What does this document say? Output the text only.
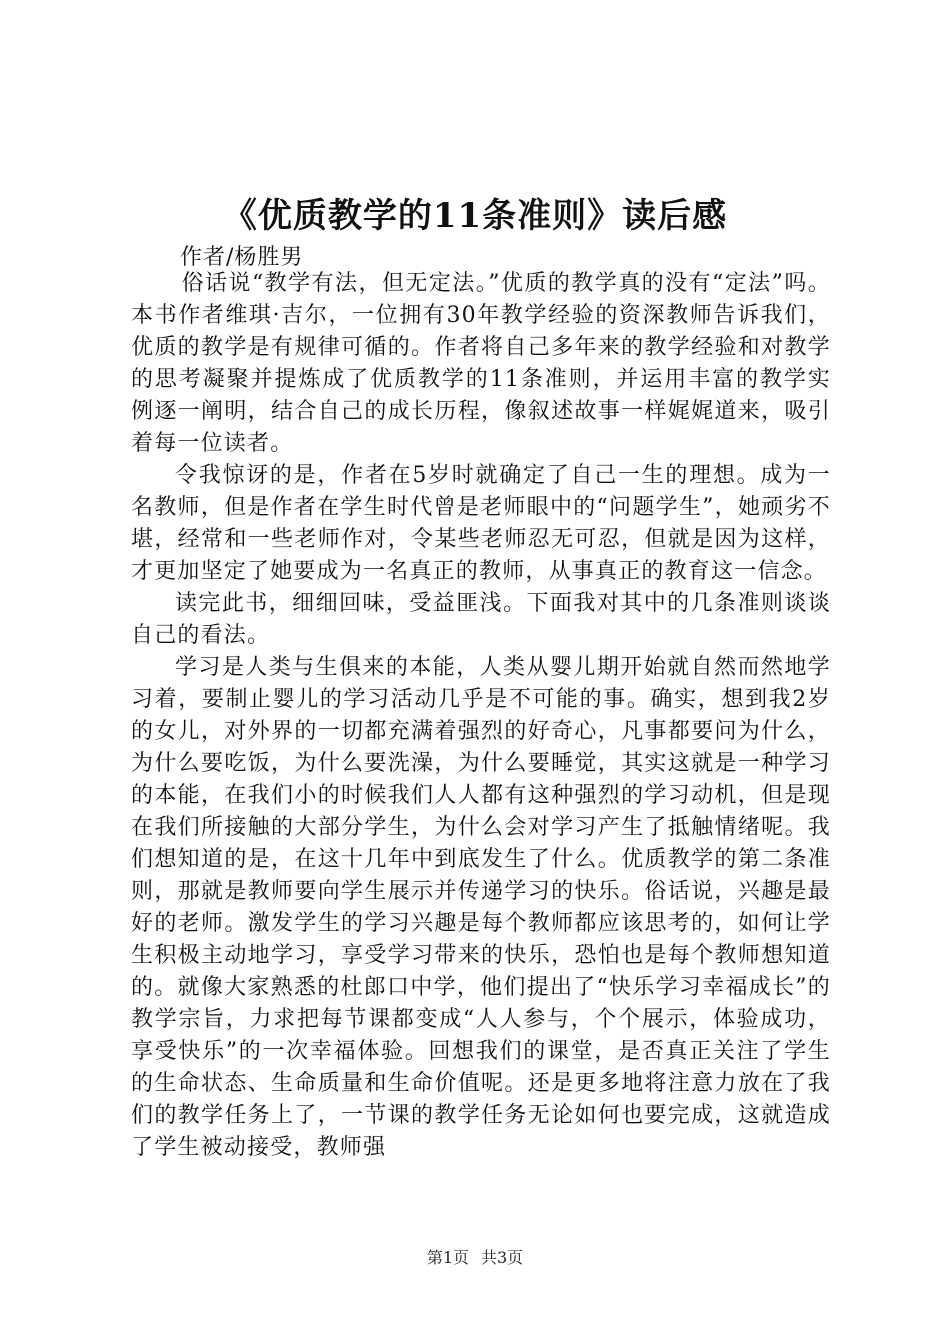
《优质教学的11条准则》读后感
作者/杨胜男

俗话说“教学有法，但无定法。”优质的教学真的没有“定法”吗。本书作者维琪·吉尔，一位拥有30年教学经验的资深教师告诉我们，优质的教学是有规律可循的。作者将自己多年来的教学经验和对教学的思考凝聚并提炼成了优质教学的11条准则，并运用丰富的教学实例逐一阐明，结合自己的成长历程，像叙述故事一样娓娓道来，吸引着每一位读者。

令我惊讶的是，作者在5岁时就确定了自己一生的理想。成为一名教师，但是作者在学生时代曾是老师眼中的“问题学生”，她顽劣不堪，经常和一些老师作对，令某些老师忍无可忍，但就是因为这样，才更加坚定了她要成为一名真正的教师，从事真正的教育这一信念。

读完此书，细细回味，受益匪浅。下面我对其中的几条准则谈谈自己的看法。

学习是人类与生俱来的本能，人类从婴儿期开始就自然而然地学习着，要制止婴儿的学习活动几乎是不可能的事。确实，想到我2岁的女儿，对外界的一切都充满着强烈的好奇心，凡事都要问为什么，为什么要吃饭，为什么要洗澡，为什么要睡觉，其实这就是一种学习的本能，在我们小的时候我们人人都有这种强烈的学习动机，但是现在我们所接触的大部分学生，为什么会对学习产生了抵触情绪呢。我们想知道的是，在这十几年中到底发生了什么。优质教学的第二条准则，那就是教师要向学生展示并传递学习的快乐。俗话说，兴趣是最好的老师。激发学生的学习兴趣是每个教师都应该思考的，如何让学生积极主动地学习，享受学习带来的快乐，恐怕也是每个教师想知道的。就像大家熟悉的杜郎口中学，他们提出了“快乐学习幸福成长”的教学宗旨，力求把每节课都变成“人人参与，个个展示，体验成功，享受快乐”的一次幸福体验。回想我们的课堂，是否真正关注了学生的生命状态、生命质量和生命价值呢。还是更多地将注意力放在了我们的教学任务上了，一节课的教学任务无论如何也要完成，这就造成了学生被动接受，教师强

第1页 共3页
